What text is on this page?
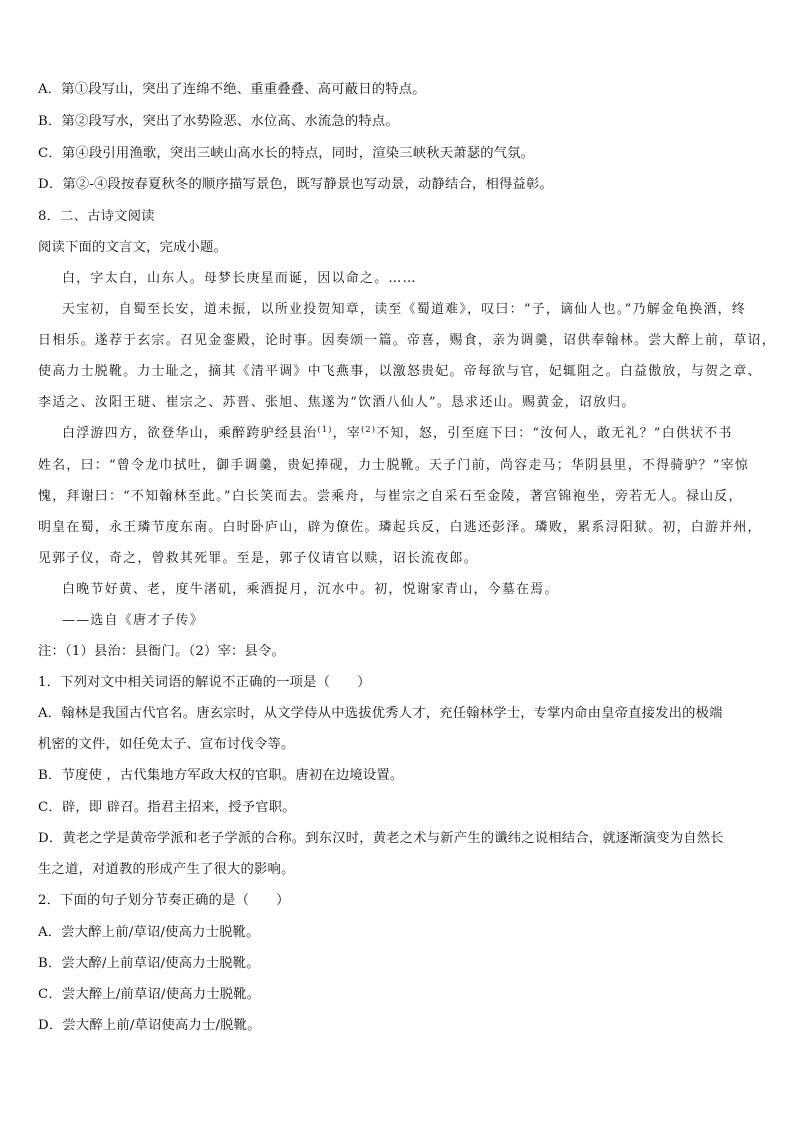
A．第①段写山，突出了连绵不绝、重重叠叠、高可蔽日的特点。
B．第②段写水，突出了水势险恶、水位高、水流急的特点。
C．第④段引用渔歌，突出三峡山高水长的特点，同时，渲染三峡秋天萧瑟的气氛。
D．第②-④段按春夏秋冬的顺序描写景色，既写静景也写动景，动静结合，相得益彰。
8．二、古诗文阅读
阅读下面的文言文，完成小题。
白，字太白，山东人。母梦长庚星而诞，因以命之。……
天宝初，自蜀至长安，道未振，以所业投贺知章，读至《蜀道难》，叹曰：“子，谪仙人也。”乃解金龟换酒，终
日相乐。遂荐于玄宗。召见金銮殿，论时事。因奏颂一篇。帝喜，赐食，亲为调羹，诏供奉翰林。尝大醉上前，草诏，
使高力士脱靴。力士耻之，摘其《清平调》中飞燕事，以激怒贵妃。帝每欲与官，妃辄阻之。白益傲放，与贺之章、
李适之、汝阳王琎、崔宗之、苏晋、张旭、焦遂为“饮酒八仙人”。恳求还山。赐黄金，诏放归。
白浮游四方，欲登华山，乘醉跨驴经县治$^{(1)}$，宰$^{(2)}$不知，怒，引至庭下曰：“汝何人，敢无礼？”白供状不书
姓名，曰：“曾令龙巾拭吐，御手调羹，贵妃捧砚，力士脱靴。天子门前，尚容走马；华阴县里，不得骑驴？”宰惊
愧，拜谢曰：“不知翰林至此。”白长笑而去。尝乘舟，与崔宗之自采石至金陵，著宫锦袍坐，旁若无人。禄山反，
明皇在蜀，永王璘节度东南。白时卧庐山，辟为僚佐。璘起兵反，白逃还彭泽。璘败，累系浔阳狱。初，白游并州，
见郭子仪，奇之，曾救其死罪。至是，郭子仪请官以赎，诏长流夜郎。
白晚节好黄、老，度牛渚矶，乘酒捉月，沉水中。初，悦谢家青山，今墓在焉。
——选自《唐才子传》
注：（1）县治：县衙门。（2）宰：县令。
1．下列对文中相关词语的解说不正确的一项是（　　）
A．翰林是我国古代官名。唐玄宗时，从文学侍从中选拔优秀人才，充任翰林学士，专掌内命由皇帝直接发出的极端
机密的文件，如任免太子、宣布讨伐令等。
B．节度使 ，古代集地方军政大权的官职。唐初在边境设置。
C．辟，即 辟召。指君主招来，授予官职。
D．黄老之学是黄帝学派和老子学派的合称。到东汉时，黄老之术与新产生的谶纬之说相结合，就逐渐演变为自然长
生之道，对道教的形成产生了很大的影响。
2．下面的句子划分节奏正确的是（　　）
A．尝大醉上前/草诏/使高力士脱靴。
B．尝大醉/上前草诏/使高力士脱靴。
C．尝大醉上/前草诏/使高力士脱靴。
D．尝大醉上前/草诏使高力士/脱靴。
